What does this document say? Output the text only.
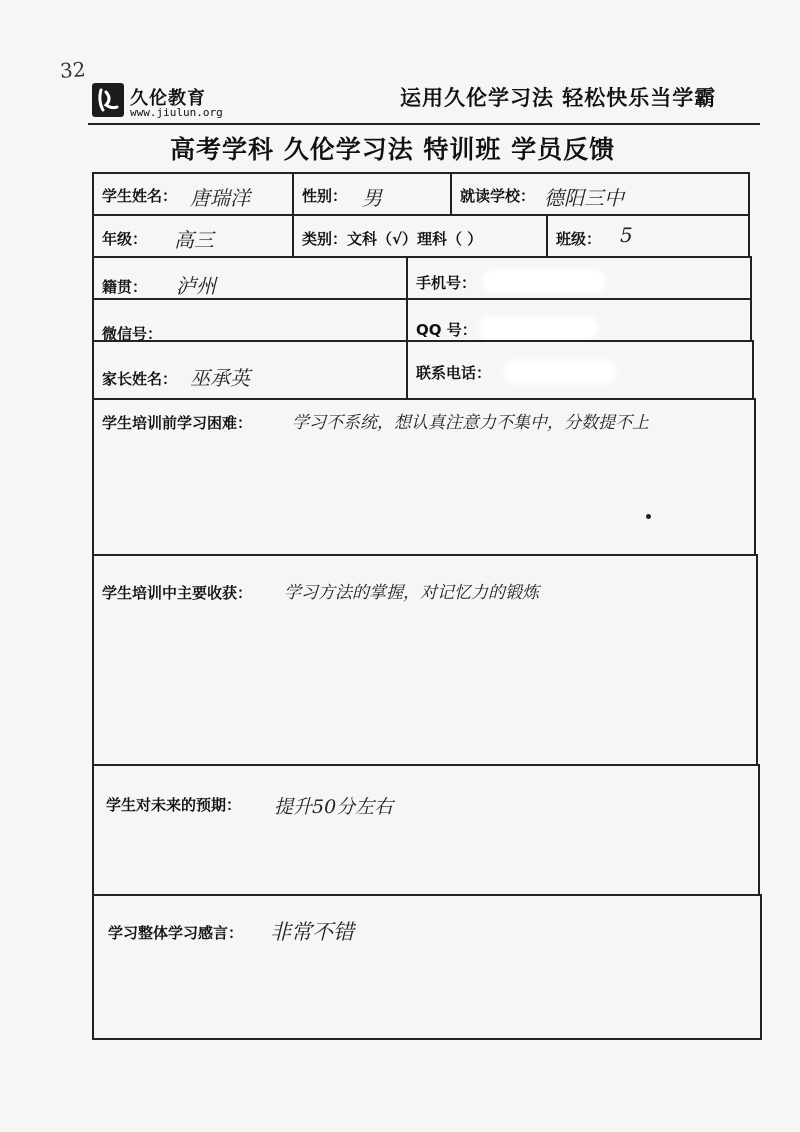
32
久伦教育
www.jiulun.org
运用久伦学习法 轻松快乐当学霸
高考学科 久伦学习法 特训班 学员反馈
学生姓名： 唐瑞洋	性别： 男	就读学校： 德阳三中
年级： 高三	类别：文科（√）理科（ ）	班级： 5
籍贯： 泸州	手机号：
微信号：	QQ 号：
家长姓名： 巫承英	联系电话：
学生培训前学习困难： 学习不系统，想认真注意力不集中，分数提不上
学生培训中主要收获： 学习方法的掌握，对记忆力的锻炼
学生对未来的预期： 提升50分左右
学习整体学习感言： 非常不错
